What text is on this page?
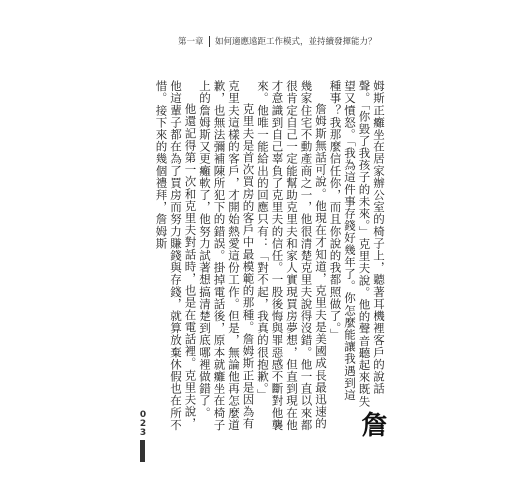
第一章 如何適應遠距工作模式，並持續發揮能力？

詹
姆斯正癱坐在居家辦公室的椅子上，聽著耳機裡客戶的說話聲。「你毀了我孩子的未來。」克里夫說。他的聲音聽起來既失望又憤怒。「我為這件事存錢好幾年了。你怎麼能讓我遇到這種事？我那麼信任你，而且你說的我都照做了。」

詹姆斯無話可說。他現在才知道，克里夫是美國成長最迅速的幾家住宅不動產商之一，他很清楚克里夫說得沒錯。他一直以來都很肯定自己一定能幫助克里夫和家人實現買房夢想，但直到現在他才意識到自己辜負了克里夫的信任。一股後悔與罪惡感不斷對他襲來。他唯一能給出的回應只有：「對不起，我真的很抱歉。」

克里夫是首次買房的客戶中最模範的那種。詹姆斯正是因為有克里夫這樣的客戶，才開始熱愛這份工作。但是，無論他再怎麼道歉，也無法彌補陳所犯下的錯誤。掛掉電話後，原本就癱坐在椅子上的詹姆斯又更癱軟了，他努力試著想搞清楚到底哪裡做錯了。

他還記得第一次和克里夫對話時，也是在電話裡。克里夫說，他這輩子都在為了買房而努力賺錢與存錢，就算放棄休假也在所不惜。接下來的幾個禮拜，詹姆斯

023
